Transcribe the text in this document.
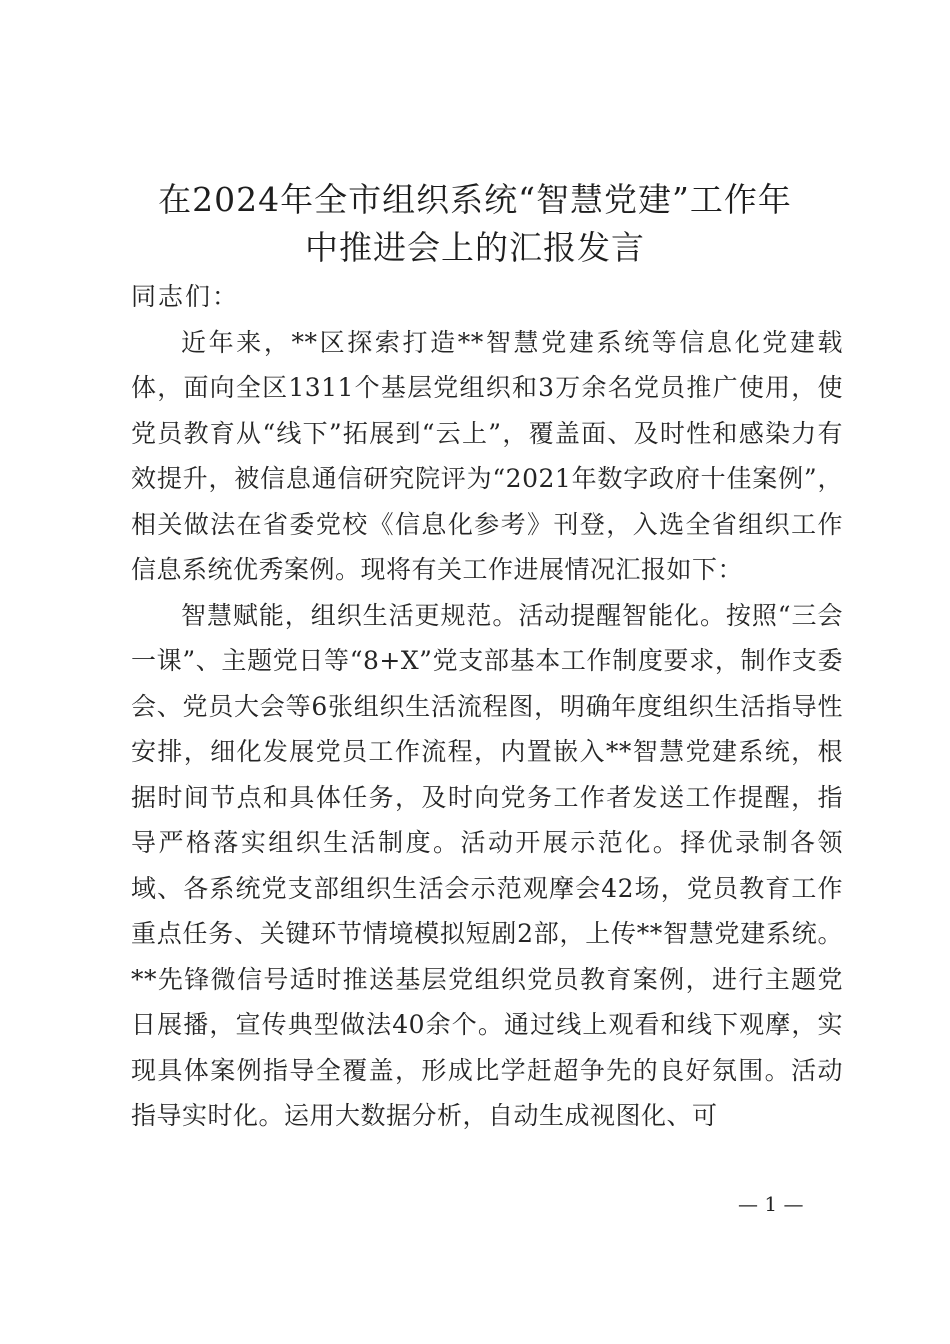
在2024年全市组织系统“智慧党建”工作年
中推进会上的汇报发言

同志们：

近年来，**区探索打造**智慧党建系统等信息化党建载体，面向全区1311个基层党组织和3万余名党员推广使用，使党员教育从“线下”拓展到“云上”，覆盖面、及时性和感染力有效提升，被信息通信研究院评为“2021年数字政府十佳案例”，相关做法在省委党校《信息化参考》刊登，入选全省组织工作信息系统优秀案例。现将有关工作进展情况汇报如下：

智慧赋能，组织生活更规范。活动提醒智能化。按照“三会一课”、主题党日等“8+X”党支部基本工作制度要求，制作支委会、党员大会等6张组织生活流程图，明确年度组织生活指导性安排，细化发展党员工作流程，内置嵌入**智慧党建系统，根据时间节点和具体任务，及时向党务工作者发送工作提醒，指导严格落实组织生活制度。活动开展示范化。择优录制各领域、各系统党支部组织生活会示范观摩会42场，党员教育工作重点任务、关键环节情境模拟短剧2部，上传**智慧党建系统。**先锋微信号适时推送基层党组织党员教育案例，进行主题党日展播，宣传典型做法40余个。通过线上观看和线下观摩，实现具体案例指导全覆盖，形成比学赶超争先的良好氛围。活动指导实时化。运用大数据分析，自动生成视图化、可

— 1 —
